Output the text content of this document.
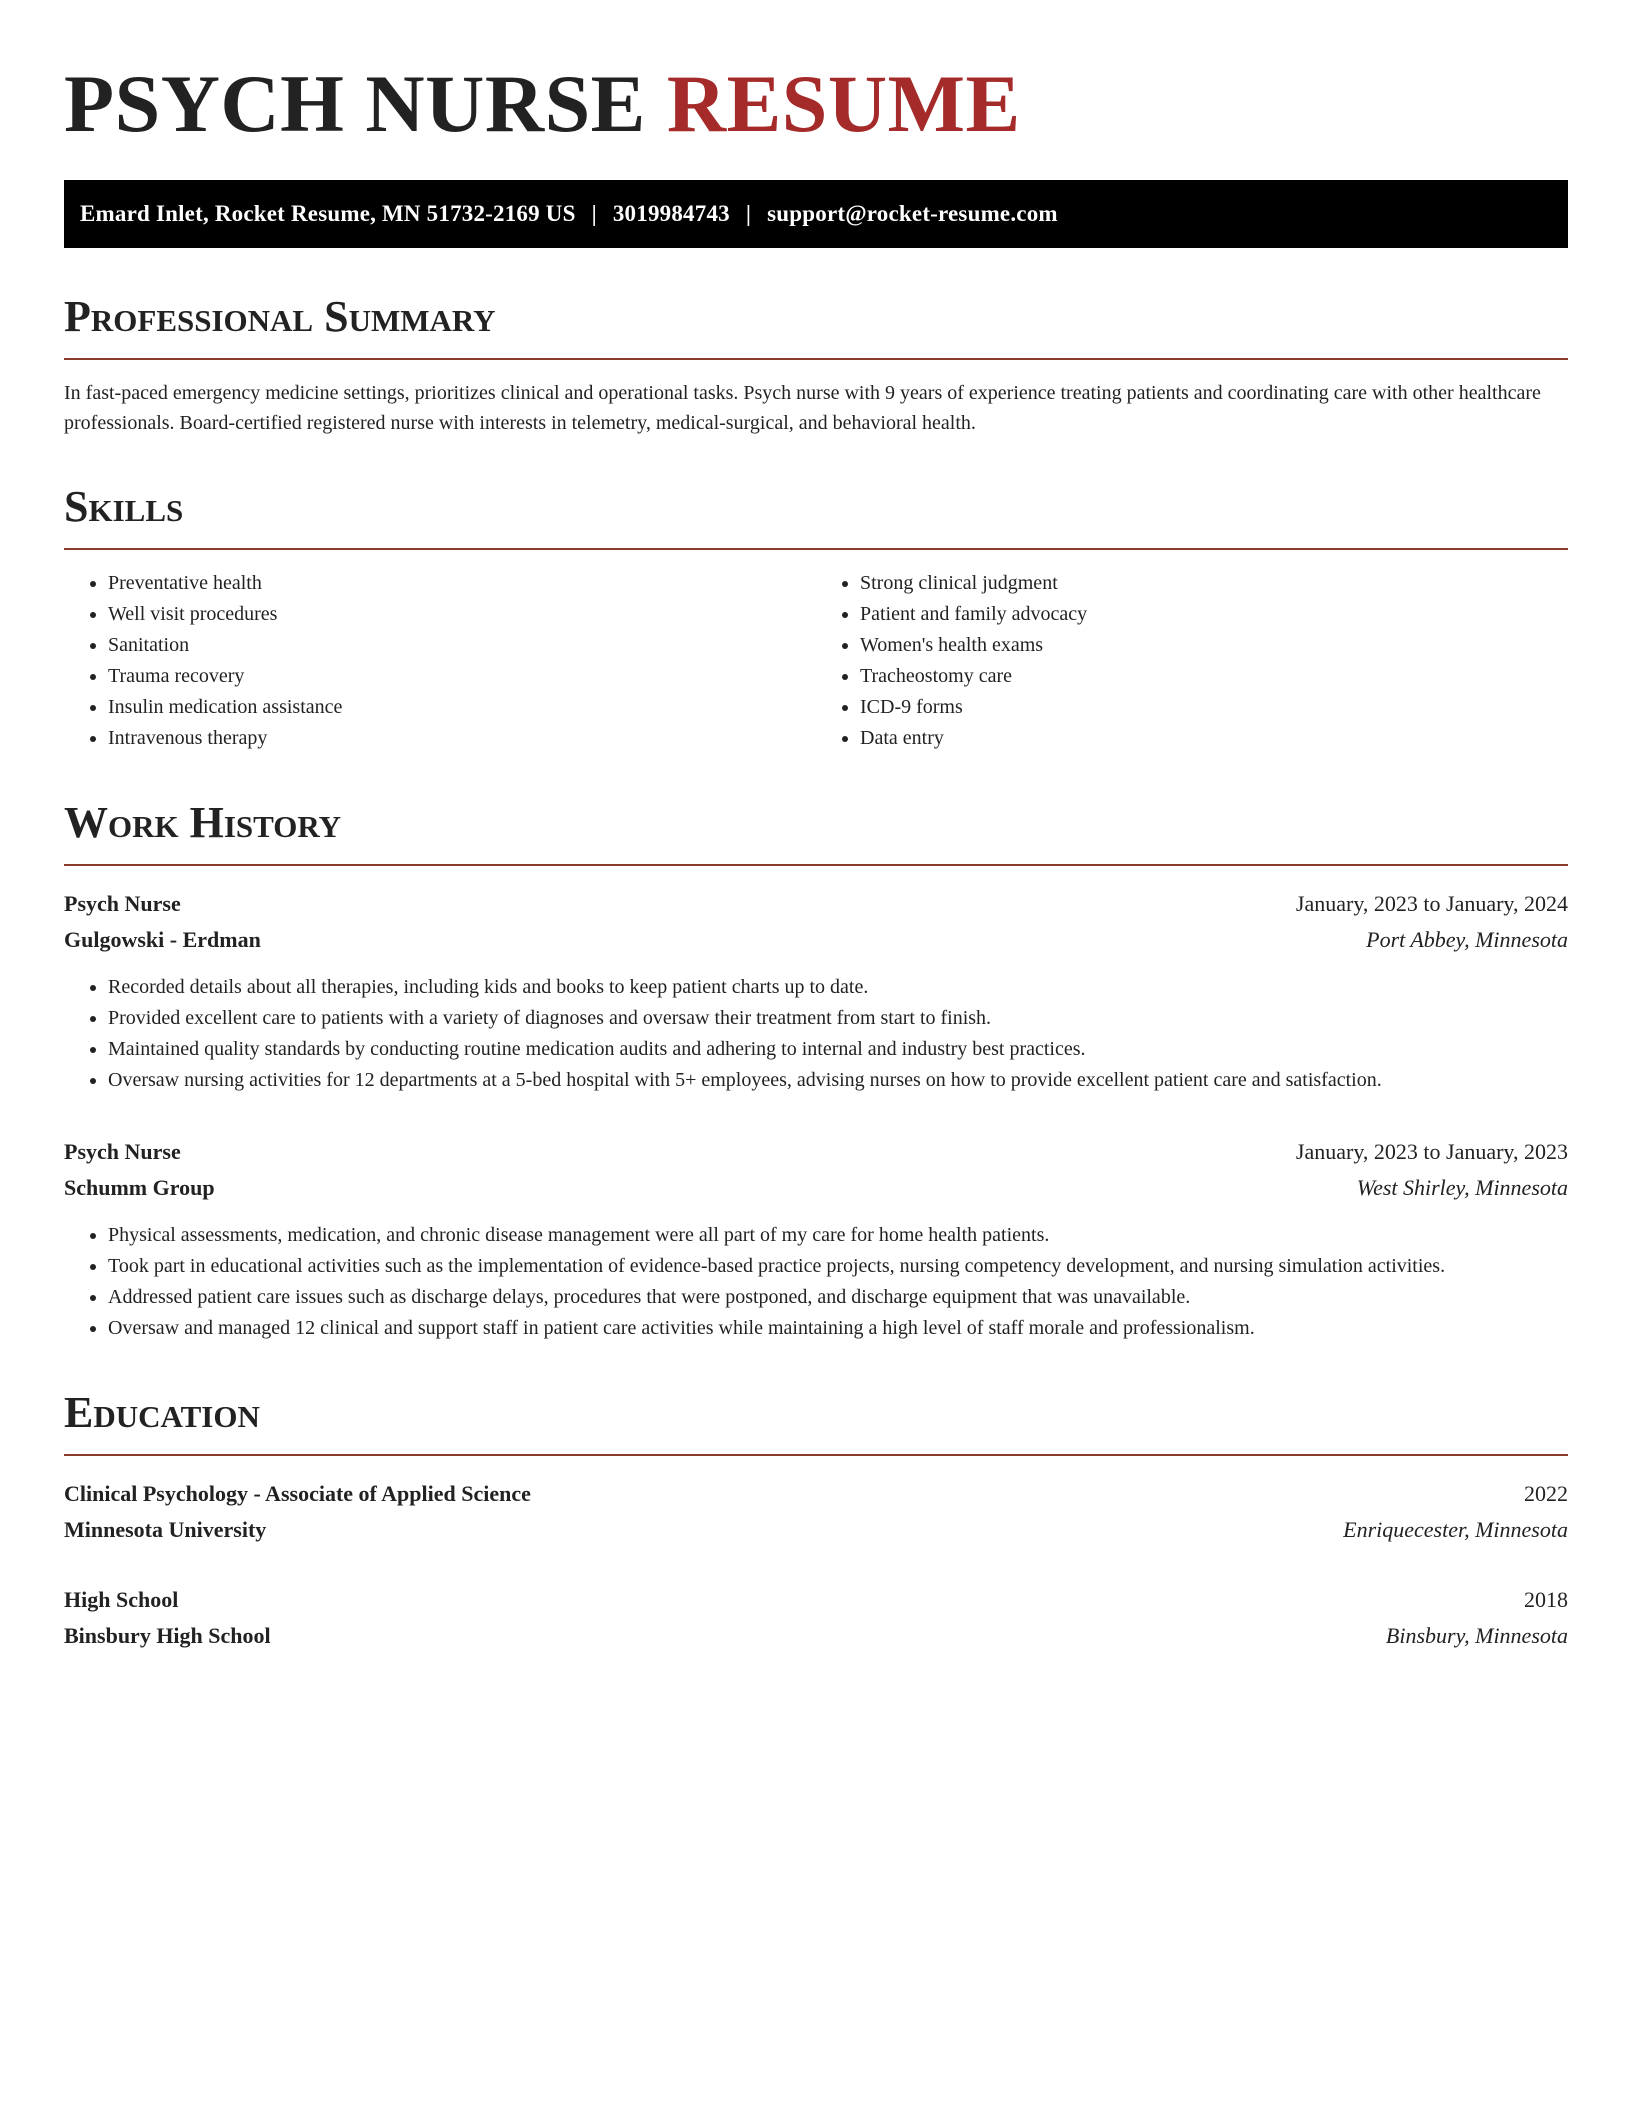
PSYCH NURSE RESUME
Emard Inlet, Rocket Resume, MN 51732-2169 US | 3019984743 | support@rocket-resume.com
Professional Summary

In fast-paced emergency medicine settings, prioritizes clinical and operational tasks. Psych nurse with 9 years of experience treating patients and coordinating care with other healthcare professionals. Board-certified registered nurse with interests in telemetry, medical-surgical, and behavioral health.

Skills
• Preventative health
• Well visit procedures
• Sanitation
• Trauma recovery
• Insulin medication assistance
• Intravenous therapy
• Strong clinical judgment
• Patient and family advocacy
• Women's health exams
• Tracheostomy care
• ICD-9 forms
• Data entry
Work History
Psych Nurse	January, 2023 to January, 2024
Gulgowski - Erdman	Port Abbey, Minnesota
• Recorded details about all therapies, including kids and books to keep patient charts up to date.
• Provided excellent care to patients with a variety of diagnoses and oversaw their treatment from start to finish.
• Maintained quality standards by conducting routine medication audits and adhering to internal and industry best practices.
• Oversaw nursing activities for 12 departments at a 5-bed hospital with 5+ employees, advising nurses on how to provide excellent patient care and satisfaction.
Psych Nurse	January, 2023 to January, 2023
Schumm Group	West Shirley, Minnesota
• Physical assessments, medication, and chronic disease management were all part of my care for home health patients.
• Took part in educational activities such as the implementation of evidence-based practice projects, nursing competency development, and nursing simulation activities.
• Addressed patient care issues such as discharge delays, procedures that were postponed, and discharge equipment that was unavailable.
• Oversaw and managed 12 clinical and support staff in patient care activities while maintaining a high level of staff morale and professionalism.
Education
Clinical Psychology - Associate of Applied Science	2022
Minnesota University	Enriquecester, Minnesota
High School	2018
Binsbury High School	Binsbury, Minnesota
